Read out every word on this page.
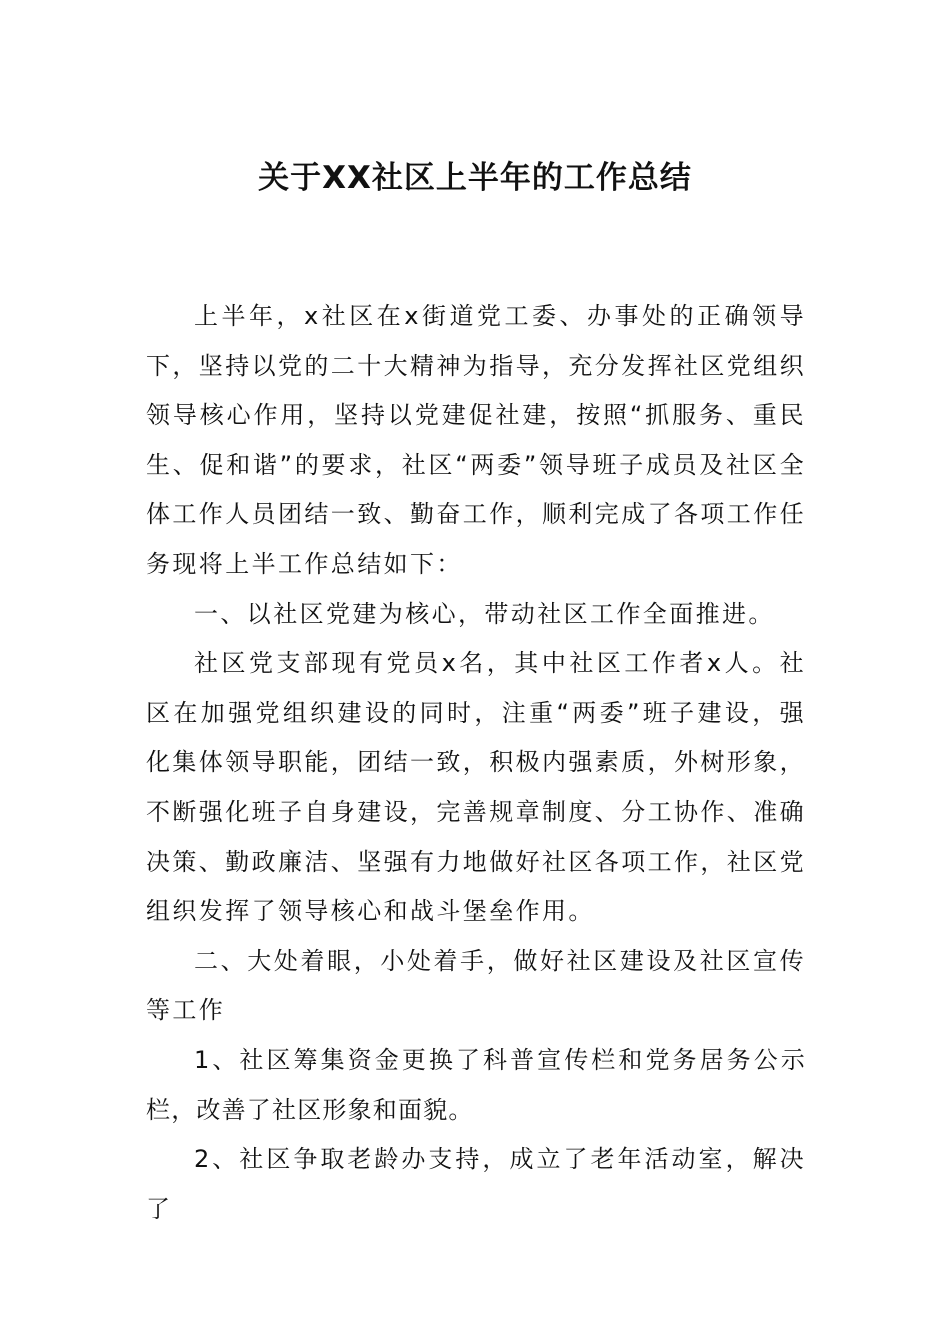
关于XX社区上半年的工作总结

上半年，x社区在x街道党工委、办事处的正确领导下，坚持以党的二十大精神为指导，充分发挥社区党组织领导核心作用，坚持以党建促社建，按照“抓服务、重民生、促和谐”的要求，社区“两委”领导班子成员及社区全体工作人员团结一致、勤奋工作，顺利完成了各项工作任务现将上半工作总结如下：

一、以社区党建为核心，带动社区工作全面推进。

社区党支部现有党员x名，其中社区工作者x人。社区在加强党组织建设的同时，注重“两委”班子建设，强化集体领导职能，团结一致，积极内强素质，外树形象，不断强化班子自身建设，完善规章制度、分工协作、准确决策、勤政廉洁、坚强有力地做好社区各项工作，社区党组织发挥了领导核心和战斗堡垒作用。

二、大处着眼，小处着手，做好社区建设及社区宣传等工作

1、社区筹集资金更换了科普宣传栏和党务居务公示栏，改善了社区形象和面貌。

2、社区争取老龄办支持，成立了老年活动室，解决了
